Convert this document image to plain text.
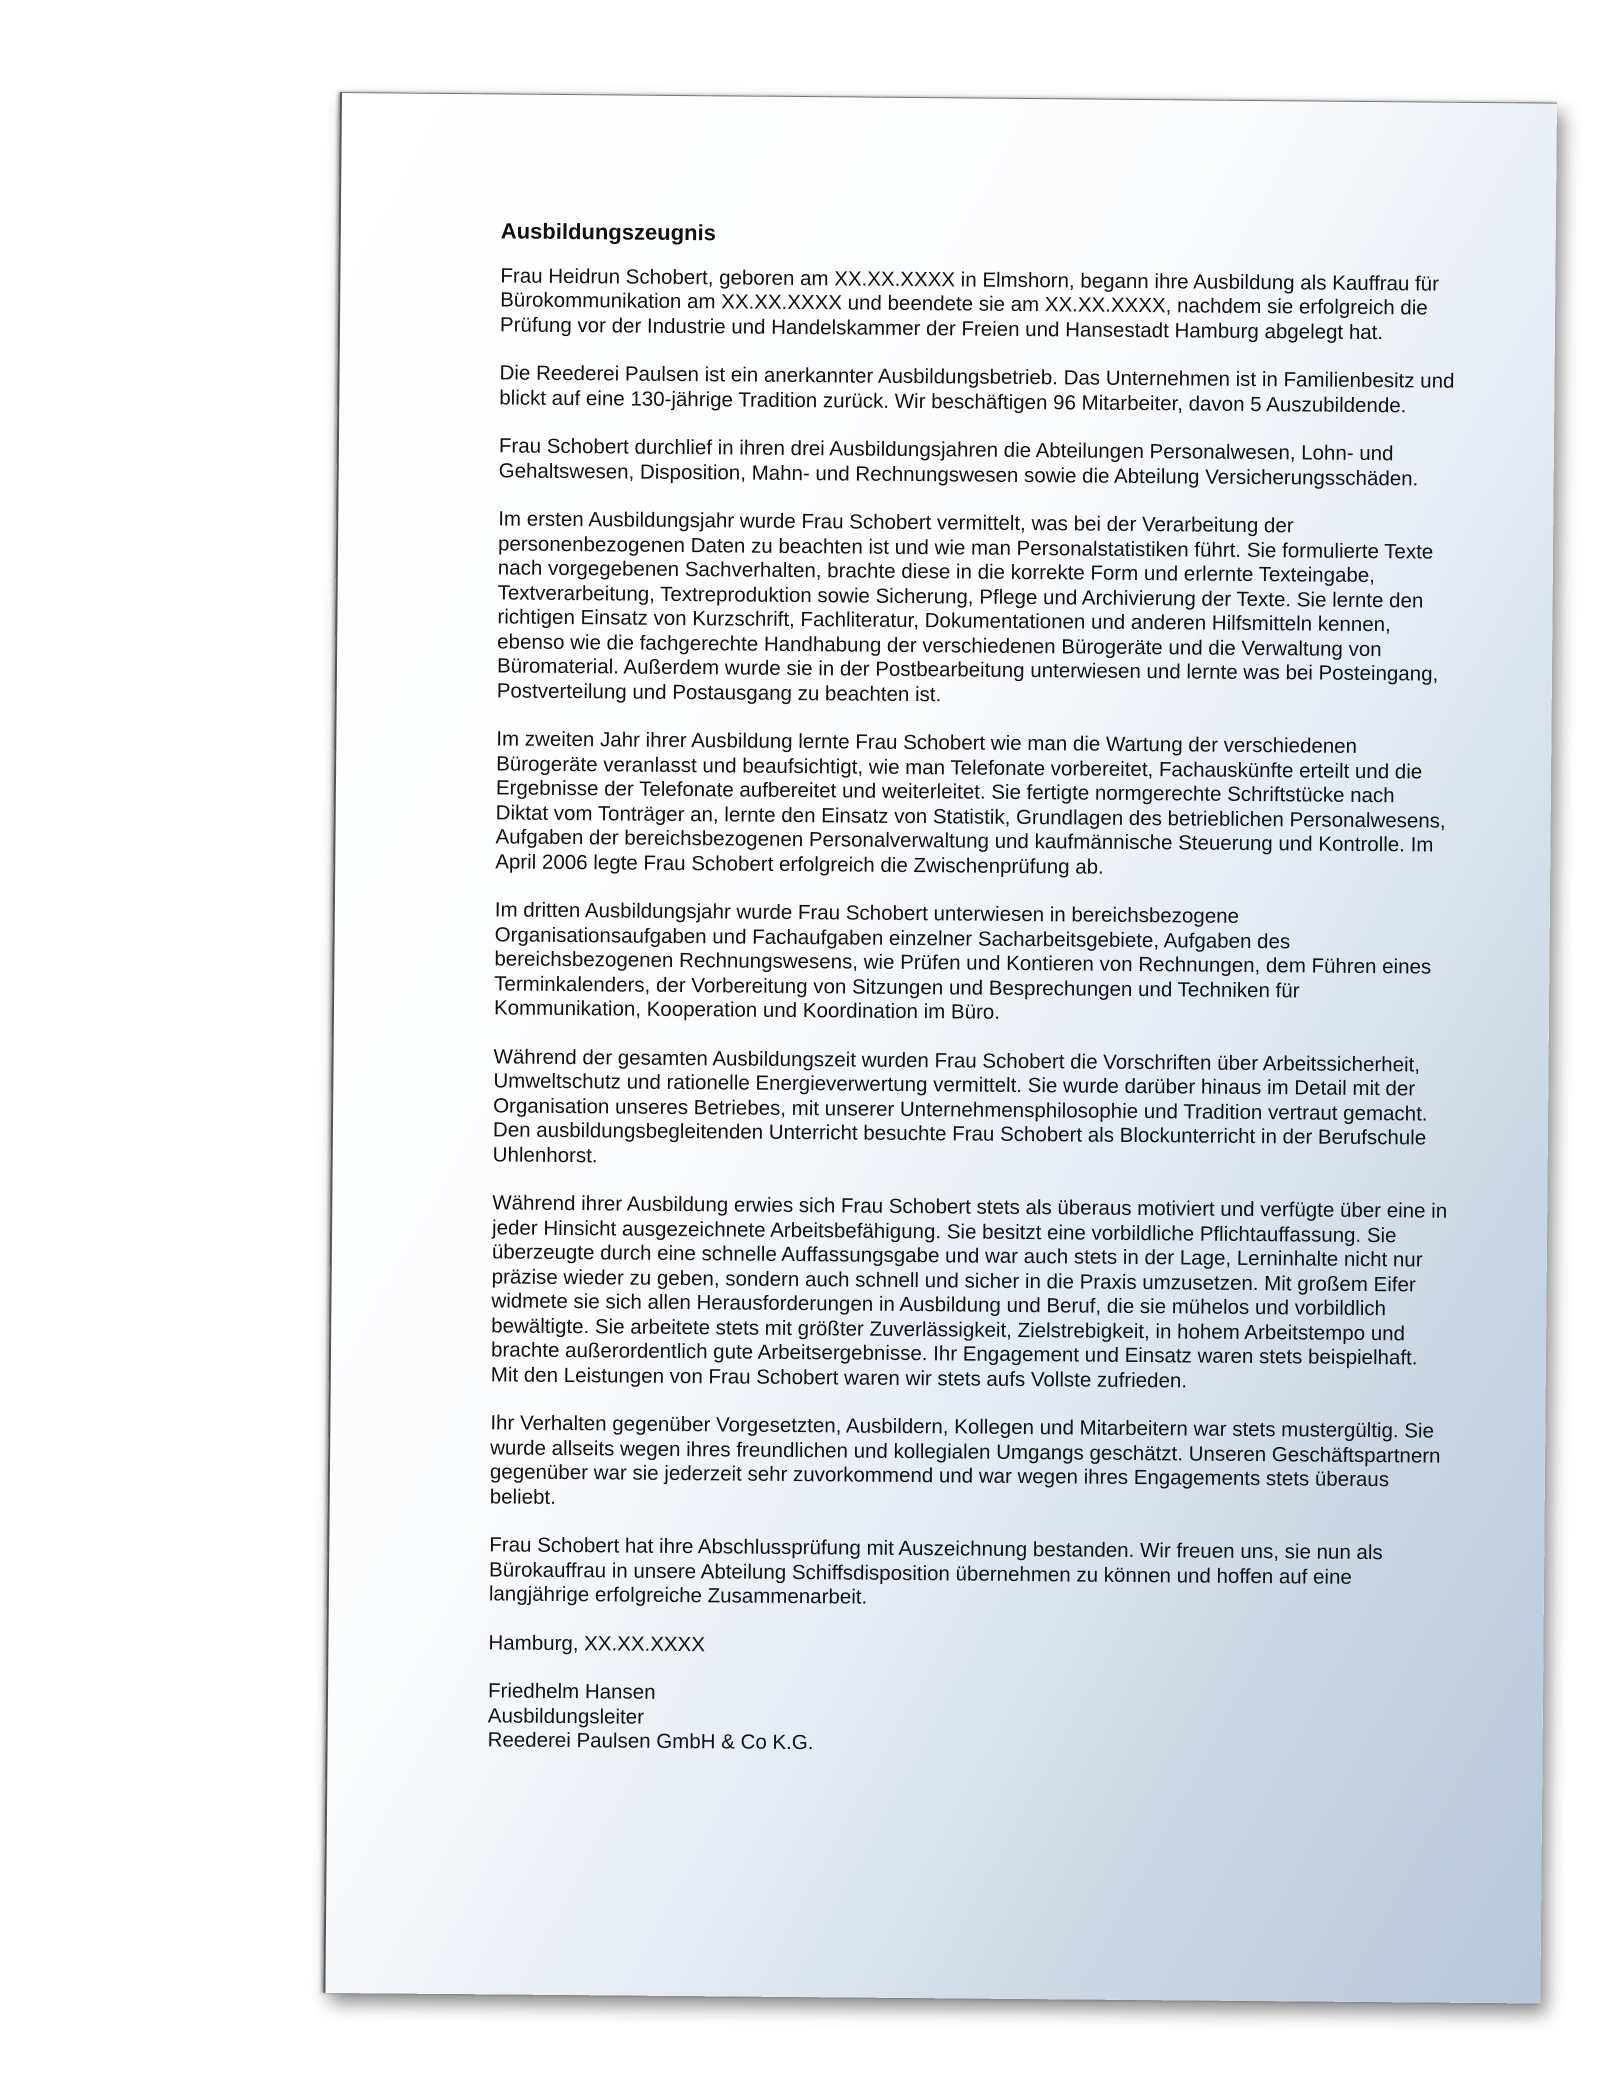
Ausbildungszeugnis

Frau Heidrun Schobert, geboren am XX.XX.XXXX in Elmshorn, begann ihre Ausbildung als Kauffrau für Bürokommunikation am XX.XX.XXXX und beendete sie am XX.XX.XXXX, nachdem sie erfolgreich die Prüfung vor der Industrie und Handelskammer der Freien und Hansestadt Hamburg abgelegt hat.

Die Reederei Paulsen ist ein anerkannter Ausbildungsbetrieb. Das Unternehmen ist in Familienbesitz und blickt auf eine 130-jährige Tradition zurück. Wir beschäftigen 96 Mitarbeiter, davon 5 Auszubildende.

Frau Schobert durchlief in ihren drei Ausbildungsjahren die Abteilungen Personalwesen, Lohn- und Gehaltswesen, Disposition, Mahn- und Rechnungswesen sowie die Abteilung Versicherungsschäden.

Im ersten Ausbildungsjahr wurde Frau Schobert vermittelt, was bei der Verarbeitung der personenbezogenen Daten zu beachten ist und wie man Personalstatistiken führt. Sie formulierte Texte nach vorgegebenen Sachverhalten, brachte diese in die korrekte Form und erlernte Texteingabe, Textverarbeitung, Textreproduktion sowie Sicherung, Pflege und Archivierung der Texte. Sie lernte den richtigen Einsatz von Kurzschrift, Fachliteratur, Dokumentationen und anderen Hilfsmitteln kennen, ebenso wie die fachgerechte Handhabung der verschiedenen Bürogeräte und die Verwaltung von Büromaterial. Außerdem wurde sie in der Postbearbeitung unterwiesen und lernte was bei Posteingang, Postverteilung und Postausgang zu beachten ist.

Im zweiten Jahr ihrer Ausbildung lernte Frau Schobert wie man die Wartung der verschiedenen Bürogeräte veranlasst und beaufsichtigt, wie man Telefonate vorbereitet, Fachauskünfte erteilt und die Ergebnisse der Telefonate aufbereitet und weiterleitet. Sie fertigte normgerechte Schriftstücke nach Diktat vom Tonträger an, lernte den Einsatz von Statistik, Grundlagen des betrieblichen Personalwesens, Aufgaben der bereichsbezogenen Personalverwaltung und kaufmännische Steuerung und Kontrolle. Im April 2006 legte Frau Schobert erfolgreich die Zwischenprüfung ab.

Im dritten Ausbildungsjahr wurde Frau Schobert unterwiesen in bereichsbezogene Organisationsaufgaben und Fachaufgaben einzelner Sacharbeitsgebiete, Aufgaben des bereichsbezogenen Rechnungswesens, wie Prüfen und Kontieren von Rechnungen, dem Führen eines Terminkalenders, der Vorbereitung von Sitzungen und Besprechungen und Techniken für Kommunikation, Kooperation und Koordination im Büro.

Während der gesamten Ausbildungszeit wurden Frau Schobert die Vorschriften über Arbeitssicherheit, Umweltschutz und rationelle Energieverwertung vermittelt. Sie wurde darüber hinaus im Detail mit der Organisation unseres Betriebes, mit unserer Unternehmensphilosophie und Tradition vertraut gemacht. Den ausbildungsbegleitenden Unterricht besuchte Frau Schobert als Blockunterricht in der Berufschule Uhlenhorst.

Während ihrer Ausbildung erwies sich Frau Schobert stets als überaus motiviert und verfügte über eine in jeder Hinsicht ausgezeichnete Arbeitsbefähigung. Sie besitzt eine vorbildliche Pflichtauffassung. Sie überzeugte durch eine schnelle Auffassungsgabe und war auch stets in der Lage, Lerninhalte nicht nur präzise wieder zu geben, sondern auch schnell und sicher in die Praxis umzusetzen. Mit großem Eifer widmete sie sich allen Herausforderungen in Ausbildung und Beruf, die sie mühelos und vorbildlich bewältigte. Sie arbeitete stets mit größter Zuverlässigkeit, Zielstrebigkeit, in hohem Arbeitstempo und brachte außerordentlich gute Arbeitsergebnisse. Ihr Engagement und Einsatz waren stets beispielhaft. Mit den Leistungen von Frau Schobert waren wir stets aufs Vollste zufrieden.

Ihr Verhalten gegenüber Vorgesetzten, Ausbildern, Kollegen und Mitarbeitern war stets mustergültig. Sie wurde allseits wegen ihres freundlichen und kollegialen Umgangs geschätzt. Unseren Geschäftspartnern gegenüber war sie jederzeit sehr zuvorkommend und war wegen ihres Engagements stets überaus beliebt.

Frau Schobert hat ihre Abschlussprüfung mit Auszeichnung bestanden. Wir freuen uns, sie nun als Bürokauffrau in unsere Abteilung Schiffsdisposition übernehmen zu können und hoffen auf eine langjährige erfolgreiche Zusammenarbeit.

Hamburg, XX.XX.XXXX

Friedhelm Hansen

Ausbildungsleiter

Reederei Paulsen GmbH & Co K.G.
